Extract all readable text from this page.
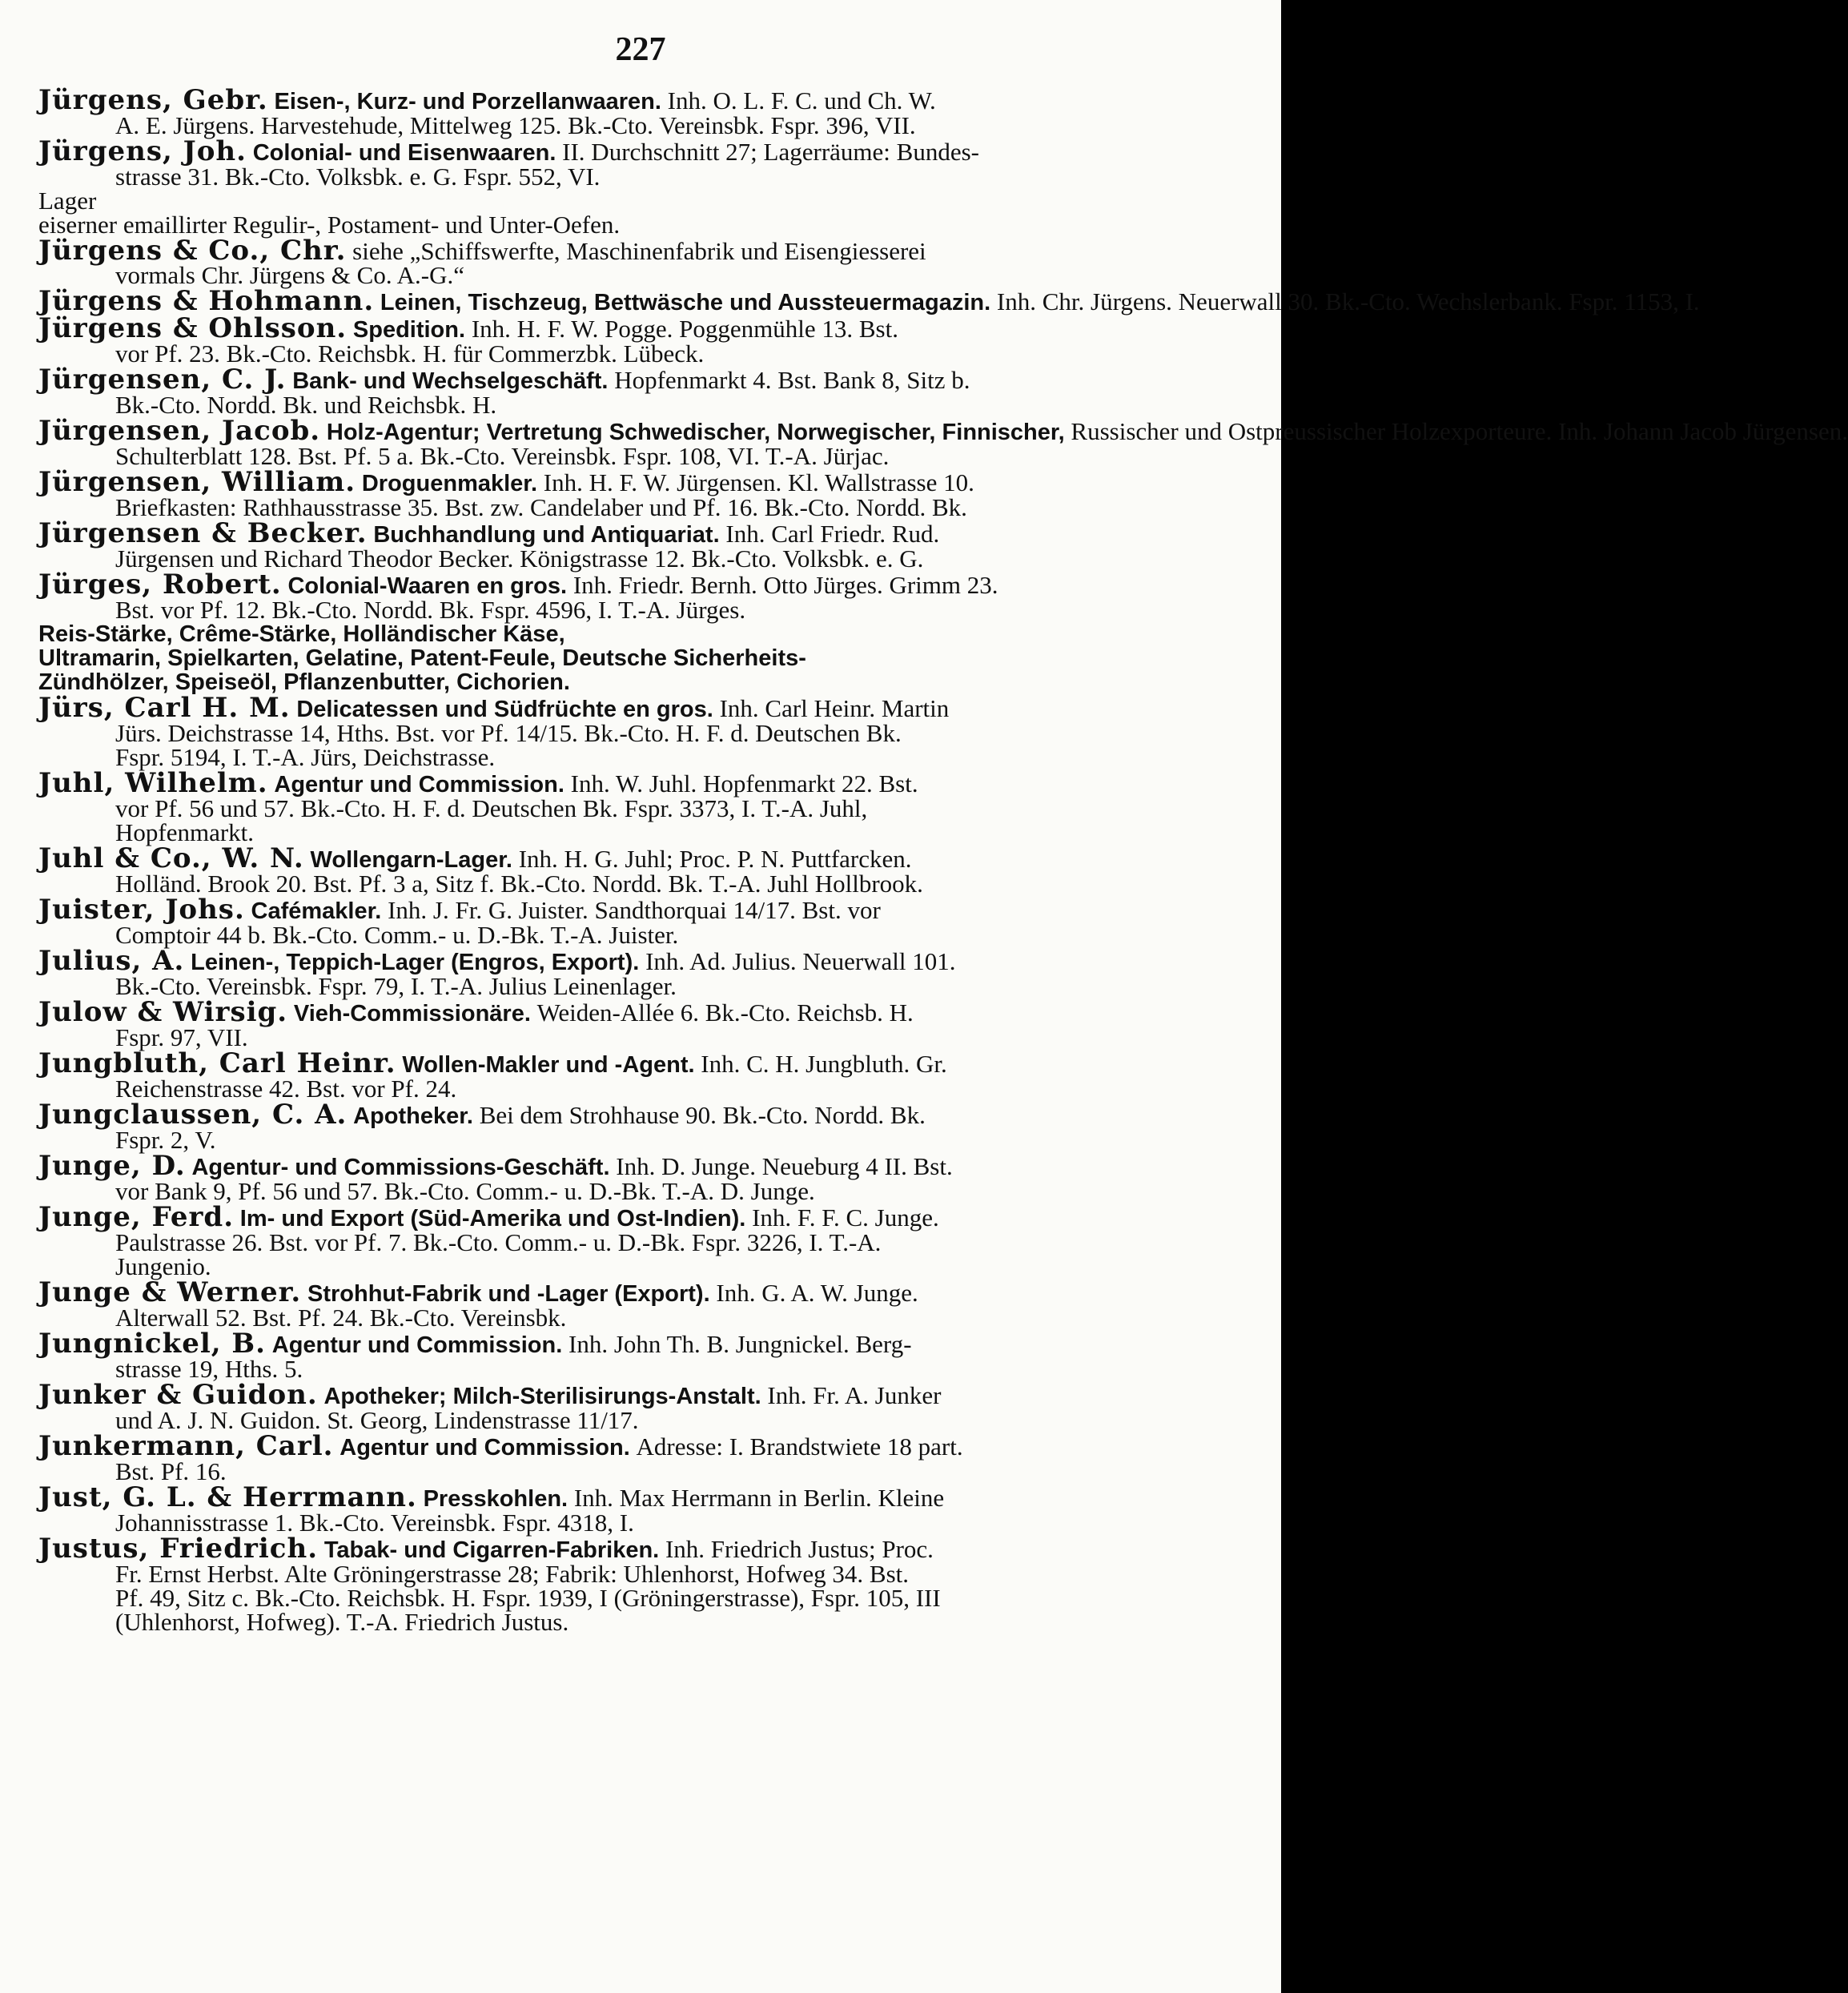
227
Jürgens, Gebr. Eisen-, Kurz- und Porzellanwaaren. Inh. O. L. F. C. und Ch. W.
A. E. Jürgens. Harvestehude, Mittelweg 125. Bk.-Cto. Vereinsbk. Fspr. 396, VII.
Jürgens, Joh. Colonial- und Eisenwaaren. II. Durchschnitt 27; Lagerräume: Bundes-
strasse 31. Bk.-Cto. Volksbk. e. G. Fspr. 552, VI.
Lager
eiserner emaillirter Regulir-, Postament- und Unter-Oefen.
Jürgens & Co., Chr. siehe „Schiffswerfte, Maschinenfabrik und Eisengiesserei
vormals Chr. Jürgens & Co. A.-G.“
Jürgens & Hohmann. Leinen, Tischzeug, Bettwäsche und Aussteuermagazin. Inh. Chr. Jürgens. Neuerwall 30. Bk.-Cto. Wechslerbank. Fspr. 1153, I.
Jürgens & Ohlsson. Spedition. Inh. H. F. W. Pogge. Poggenmühle 13. Bst.
vor Pf. 23. Bk.-Cto. Reichsbk. H. für Commerzbk. Lübeck.
Jürgensen, C. J. Bank- und Wechselgeschäft. Hopfenmarkt 4. Bst. Bank 8, Sitz b.
Bk.-Cto. Nordd. Bk. und Reichsbk. H.
Jürgensen, Jacob. Holz-Agentur; Vertretung Schwedischer, Norwegischer, Finnischer, Russischer und Ostpreussischer Holzexporteure. Inh. Johann Jacob Jürgensen.
Schulterblatt 128. Bst. Pf. 5 a. Bk.-Cto. Vereinsbk. Fspr. 108, VI. T.-A. Jürjac.
Jürgensen, William. Droguenmakler. Inh. H. F. W. Jürgensen. Kl. Wallstrasse 10.
Briefkasten: Rathhausstrasse 35. Bst. zw. Candelaber und Pf. 16. Bk.-Cto. Nordd. Bk.
Jürgensen & Becker. Buchhandlung und Antiquariat. Inh. Carl Friedr. Rud.
Jürgensen und Richard Theodor Becker. Königstrasse 12. Bk.-Cto. Volksbk. e. G.
Jürges, Robert. Colonial-Waaren en gros. Inh. Friedr. Bernh. Otto Jürges. Grimm 23.
Bst. vor Pf. 12. Bk.-Cto. Nordd. Bk. Fspr. 4596, I. T.-A. Jürges.
Reis-Stärke, Crême-Stärke, Holländischer Käse,
Ultramarin, Spielkarten, Gelatine, Patent-Feule, Deutsche Sicherheits-
Zündhölzer, Speiseöl, Pflanzenbutter, Cichorien.
Jürs, Carl H. M. Delicatessen und Südfrüchte en gros. Inh. Carl Heinr. Martin
Jürs. Deichstrasse 14, Hths. Bst. vor Pf. 14/15. Bk.-Cto. H. F. d. Deutschen Bk.
Fspr. 5194, I. T.-A. Jürs, Deichstrasse.
Juhl, Wilhelm. Agentur und Commission. Inh. W. Juhl. Hopfenmarkt 22. Bst.
vor Pf. 56 und 57. Bk.-Cto. H. F. d. Deutschen Bk. Fspr. 3373, I. T.-A. Juhl,
Hopfenmarkt.
Juhl & Co., W. N. Wollengarn-Lager. Inh. H. G. Juhl; Proc. P. N. Puttfarcken.
Holländ. Brook 20. Bst. Pf. 3 a, Sitz f. Bk.-Cto. Nordd. Bk. T.-A. Juhl Hollbrook.
Juister, Johs. Cafémakler. Inh. J. Fr. G. Juister. Sandthorquai 14/17. Bst. vor
Comptoir 44 b. Bk.-Cto. Comm.- u. D.-Bk. T.-A. Juister.
Julius, A. Leinen-, Teppich-Lager (Engros, Export). Inh. Ad. Julius. Neuerwall 101.
Bk.-Cto. Vereinsbk. Fspr. 79, I. T.-A. Julius Leinenlager.
Julow & Wirsig. Vieh-Commissionäre. Weiden-Allée 6. Bk.-Cto. Reichsb. H.
Fspr. 97, VII.
Jungbluth, Carl Heinr. Wollen-Makler und -Agent. Inh. C. H. Jungbluth. Gr.
Reichenstrasse 42. Bst. vor Pf. 24.
Jungclaussen, C. A. Apotheker. Bei dem Strohhause 90. Bk.-Cto. Nordd. Bk.
Fspr. 2, V.
Junge, D. Agentur- und Commissions-Geschäft. Inh. D. Junge. Neueburg 4 II. Bst.
vor Bank 9, Pf. 56 und 57. Bk.-Cto. Comm.- u. D.-Bk. T.-A. D. Junge.
Junge, Ferd. Im- und Export (Süd-Amerika und Ost-Indien). Inh. F. F. C. Junge.
Paulstrasse 26. Bst. vor Pf. 7. Bk.-Cto. Comm.- u. D.-Bk. Fspr. 3226, I. T.-A.
Jungenio.
Junge & Werner. Strohhut-Fabrik und -Lager (Export). Inh. G. A. W. Junge.
Alterwall 52. Bst. Pf. 24. Bk.-Cto. Vereinsbk.
Jungnickel, B. Agentur und Commission. Inh. John Th. B. Jungnickel. Berg-
strasse 19, Hths. 5.
Junker & Guidon. Apotheker; Milch-Sterilisirungs-Anstalt. Inh. Fr. A. Junker
und A. J. N. Guidon. St. Georg, Lindenstrasse 11/17.
Junkermann, Carl. Agentur und Commission. Adresse: I. Brandstwiete 18 part.
Bst. Pf. 16.
Just, G. L. & Herrmann. Presskohlen. Inh. Max Herrmann in Berlin. Kleine
Johannisstrasse 1. Bk.-Cto. Vereinsbk. Fspr. 4318, I.
Justus, Friedrich. Tabak- und Cigarren-Fabriken. Inh. Friedrich Justus; Proc.
Fr. Ernst Herbst. Alte Gröningerstrasse 28; Fabrik: Uhlenhorst, Hofweg 34. Bst.
Pf. 49, Sitz c. Bk.-Cto. Reichsbk. H. Fspr. 1939, I (Gröningerstrasse), Fspr. 105, III
(Uhlenhorst, Hofweg). T.-A. Friedrich Justus.
